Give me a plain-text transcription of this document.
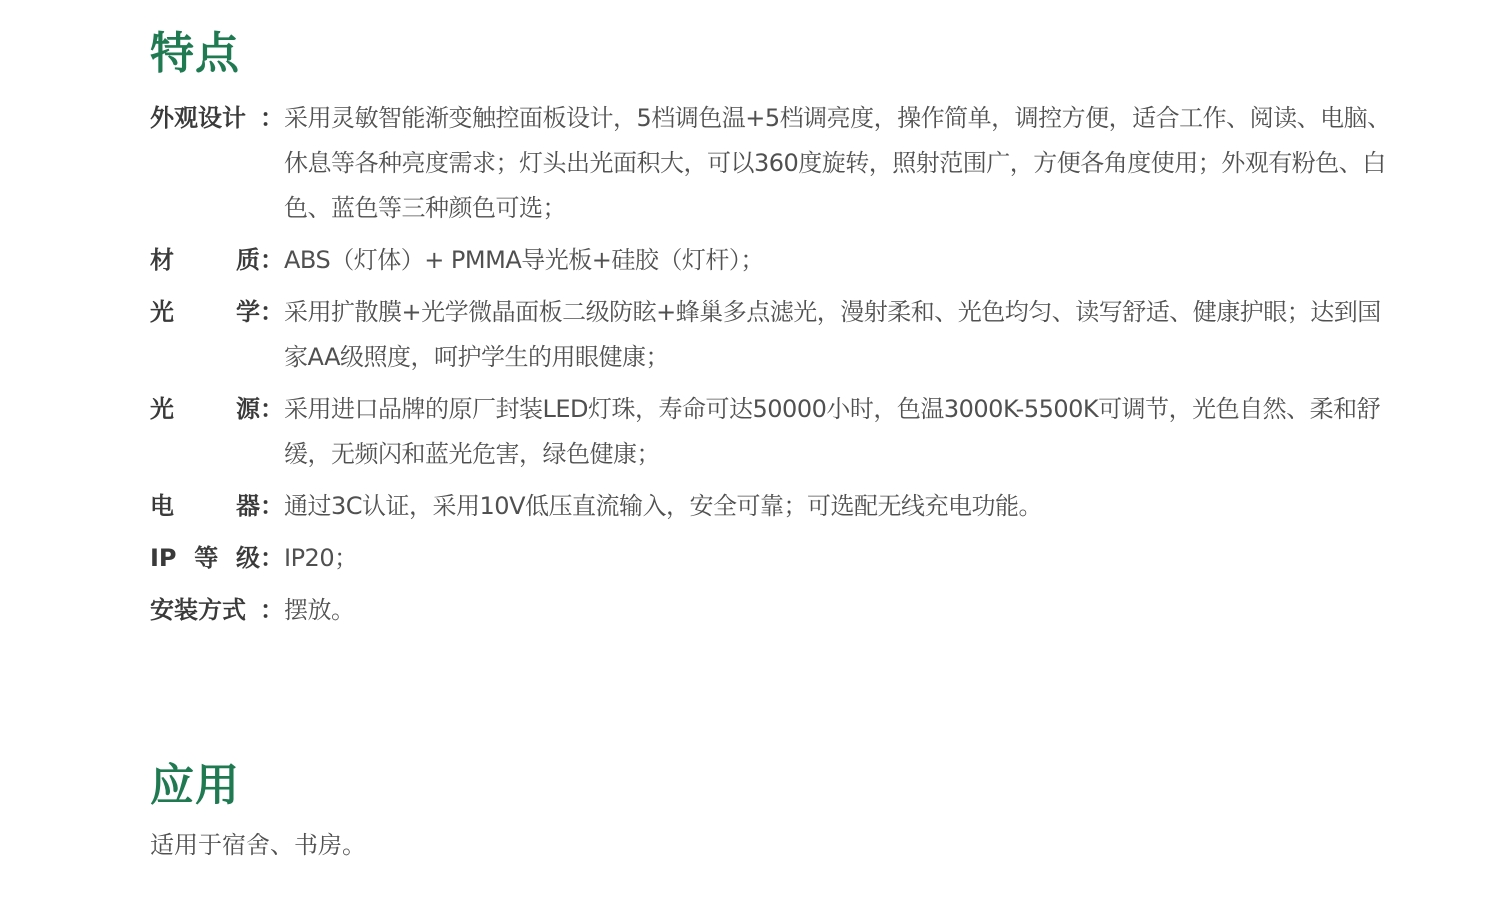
特点
外观设计 ： 采用灵敏智能渐变触控面板设计，5档调色温+5档调亮度，操作简单，调控方便，适合工作、阅读、电脑、休息等各种亮度需求；灯头出光面积大，可以360度旋转，照射范围广，方便各角度使用；外观有粉色、白色、蓝色等三种颜色可选；
材	质 ： ABS（灯体）+ PMMA导光板+硅胶（灯杆）；
光	学 ： 采用扩散膜+光学微晶面板二级防眩+蜂巢多点滤光，漫射柔和、光色均匀、读写舒适、健康护眼；达到国家AA级照度，呵护学生的用眼健康；
光	源 ： 采用进口品牌的原厂封装LED灯珠，寿命可达50000小时，色温3000K-5500K可调节，光色自然、柔和舒缓，无频闪和蓝光危害，绿色健康；
电	器 ： 通过3C认证，采用10V低压直流输入，安全可靠；可选配无线充电功能。
IP 等 级 ： IP20；
安装方式 ： 摆放。
应用

适用于宿舍、书房。
